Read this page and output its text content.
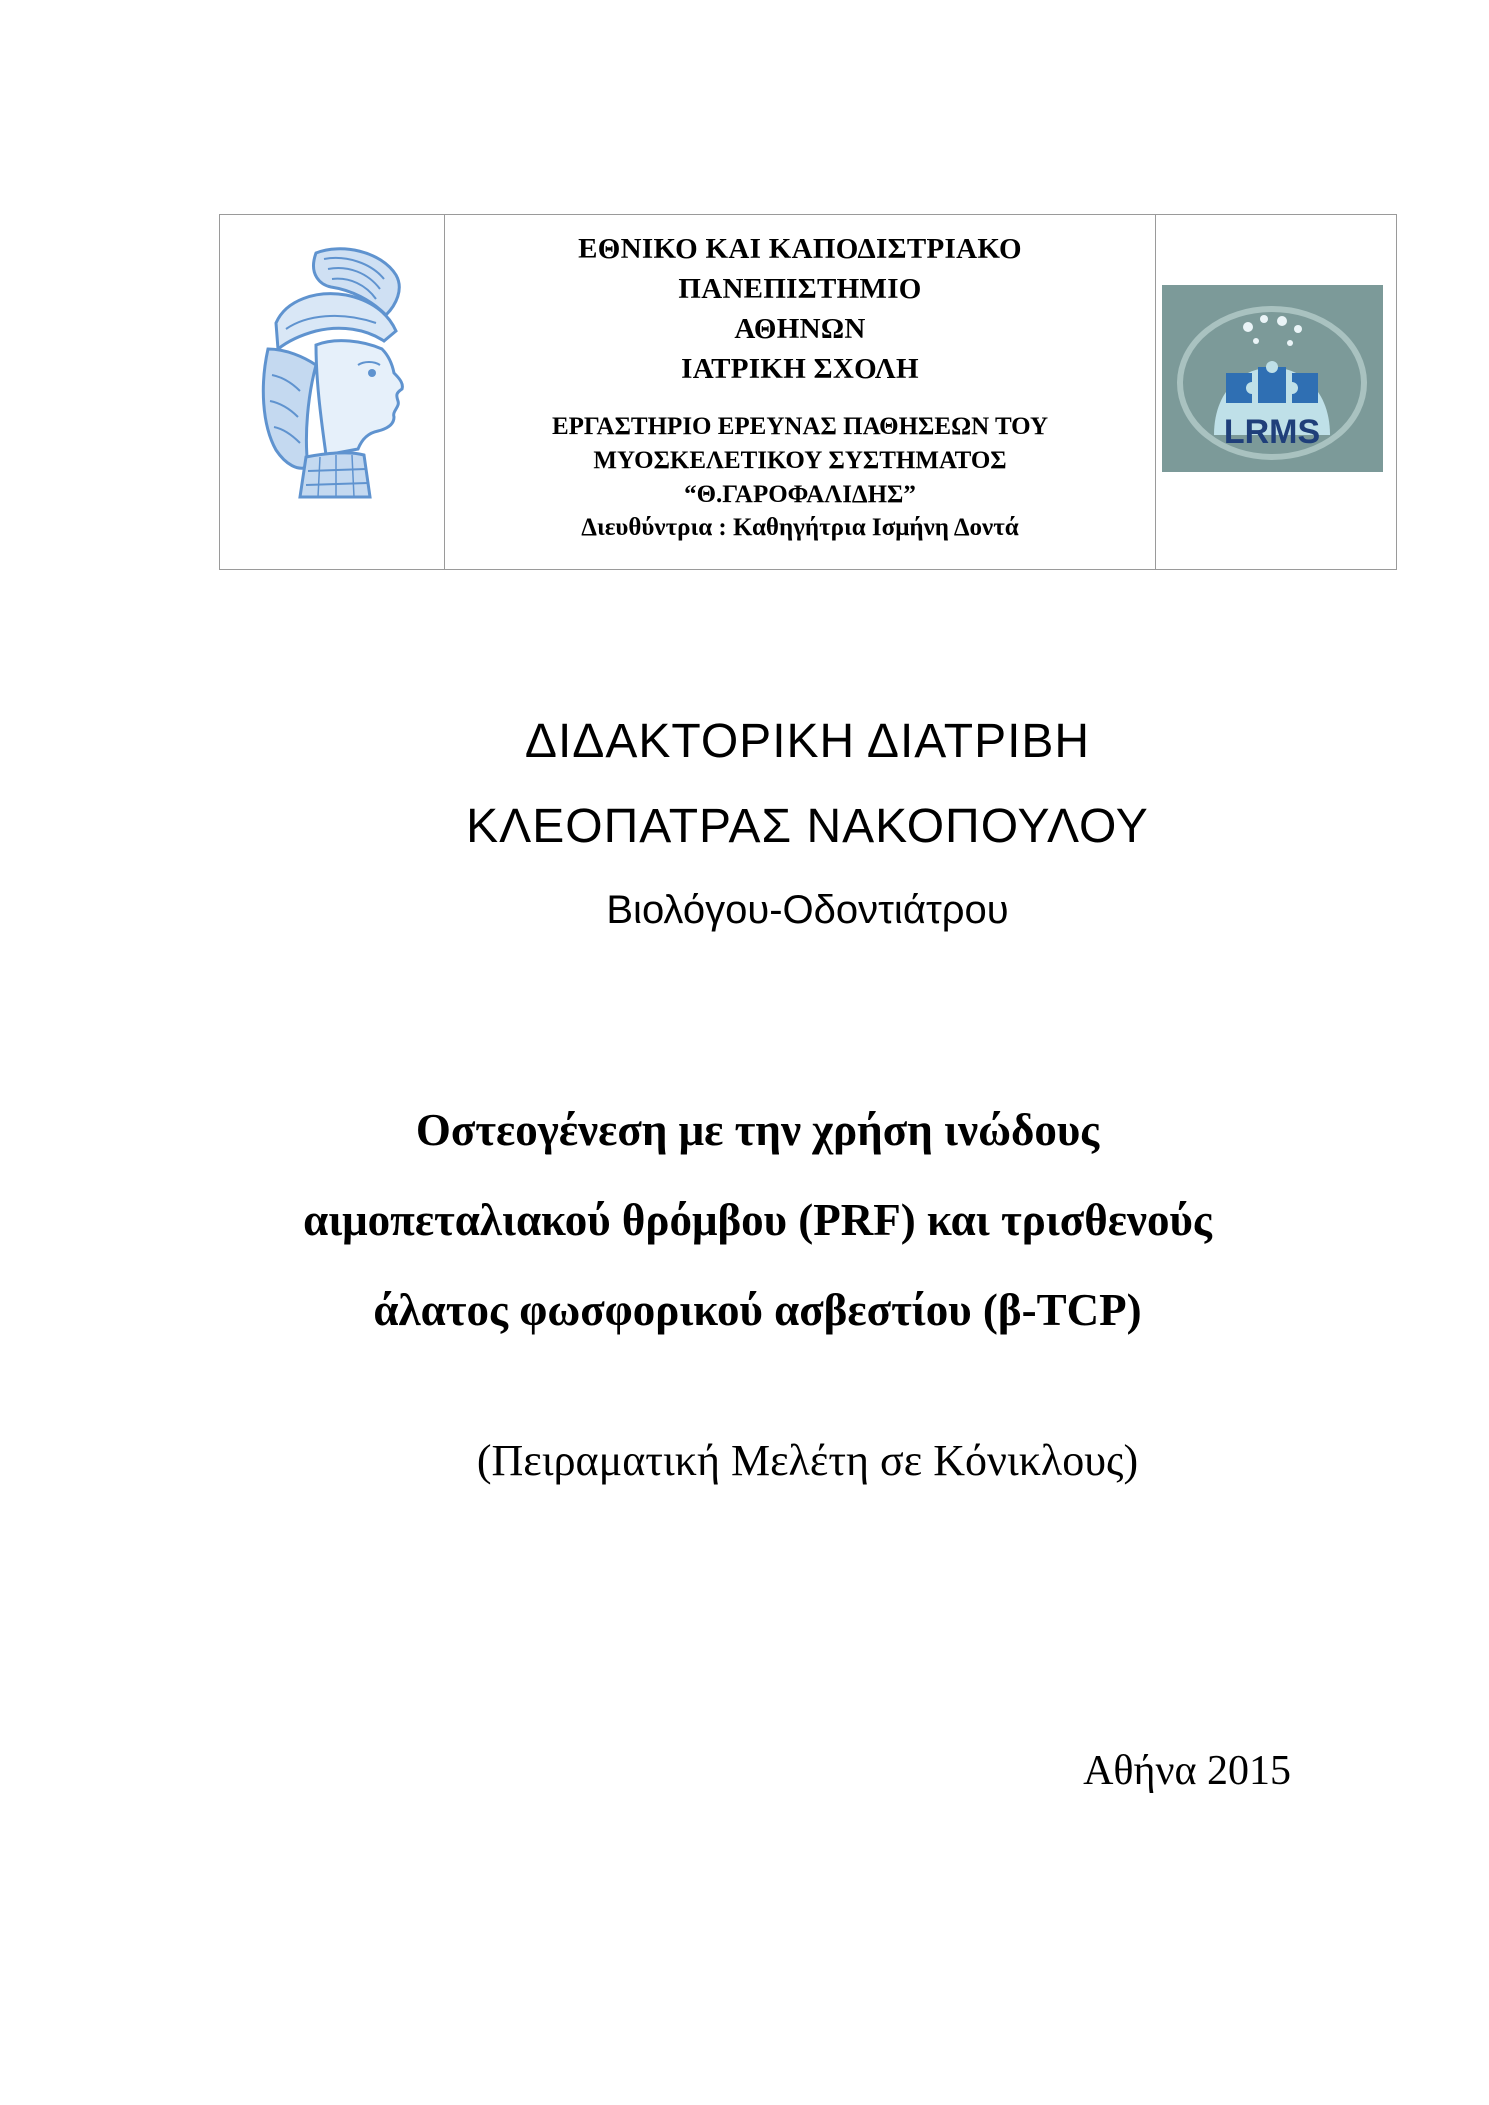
ΕΘΝΙΚΟ ΚΑΙ ΚΑΠΟΔΙΣΤΡΙΑΚΟ
ΠΑΝΕΠΙΣΤΗΜΙΟ
ΑΘΗΝΩΝ
ΙΑΤΡΙΚΗ ΣΧΟΛΗ
ΕΡΓΑΣΤΗΡΙΟ ΕΡΕΥΝΑΣ ΠΑΘΗΣΕΩΝ ΤΟΥ
ΜΥΟΣΚΕΛΕΤΙΚΟΥ ΣΥΣΤΗΜΑΤΟΣ
“Θ.ΓΑΡΟΦΑΛΙΔΗΣ”
Διευθύντρια : Καθηγήτρια Ισμήνη Δοντά

LRMS
ΔΙΔΑΚΤΟΡΙΚΗ ΔΙΑΤΡΙΒΗ
ΚΛΕΟΠΑΤΡΑΣ ΝΑΚΟΠΟΥΛΟΥ
Βιολόγου-Οδοντιάτρου
Οστεογένεση με την χρήση ινώδους
αιμοπεταλιακού θρόμβου (PRF) και τρισθενούς
άλατος φωσφορικού ασβεστίου (β-TCP)
(Πειραματική Μελέτη σε Κόνικλους)
Αθήνα 2015
